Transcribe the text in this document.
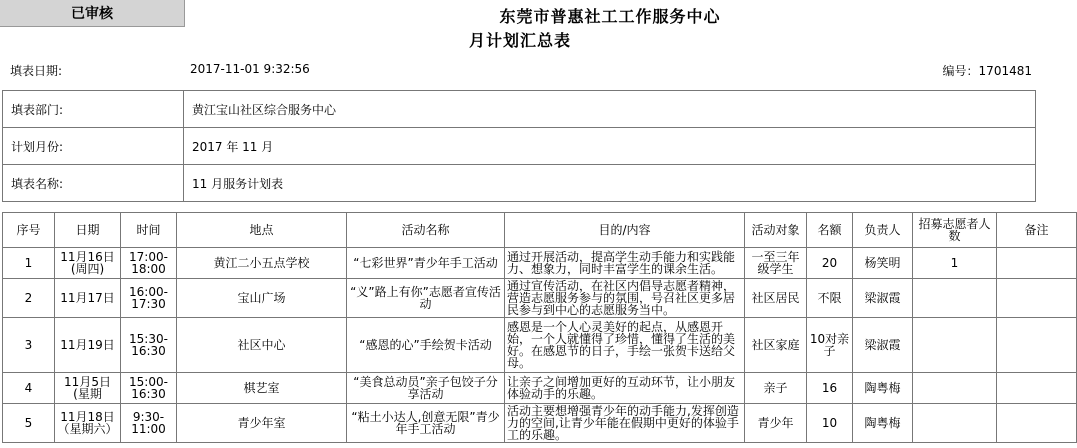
已审核	东莞市普惠社工工作服务中心
月计划汇总表
填表日期:	2017-11-01 9:32:56	编号：1701481
填表部门:	黄江宝山社区综合服务中心
计划月份:	2017 年 11 月
填表名称:	11 月服务计划表
序号	日期	时间	地点	活动名称	目的/内容	活动对象	名额	负责人	招募志愿者人数	备注
1	11月16日(周四)	17:00-18:00	黄江二小五点学校	“七彩世界”青少年手工活动	通过开展活动，提高学生动手能力和实践能力、想象力，同时丰富学生的课余生活。	一至三年级学生	20	杨笑明	1	
2	11月17日	16:00-17:30	宝山广场	“义”路上有你”志愿者宣传活动	通过宣传活动，在社区内倡导志愿者精神，营造志愿服务参与的氛围，号召社区更多居民参与到中心的志愿服务当中。	社区居民	不限	梁淑霞		
3	11月19日	15:30-16:30	社区中心	“感恩的心”手绘贺卡活动	感恩是一个人心灵美好的起点，从感恩开始，一个人就懂得了珍惜，懂得了生活的美好。在感恩节的日子，手绘一张贺卡送给父母。	社区家庭	10对亲子	梁淑霞		
4	11月5日(星期	15:00-16:30	棋艺室	“美食总动员”亲子包饺子分享活动	让亲子之间增加更好的互动环节，让小朋友体验动手的乐趣。	亲子	16	陶粤梅		
5	11月18日（星期六）	9:30-11:00	青少年室	“粘土小达人,创意无限”青少年手工活动	活动主要想增强青少年的动手能力,发挥创造力的空间,让青少年能在假期中更好的体验手工的乐趣。	青少年	10	陶粤梅		
